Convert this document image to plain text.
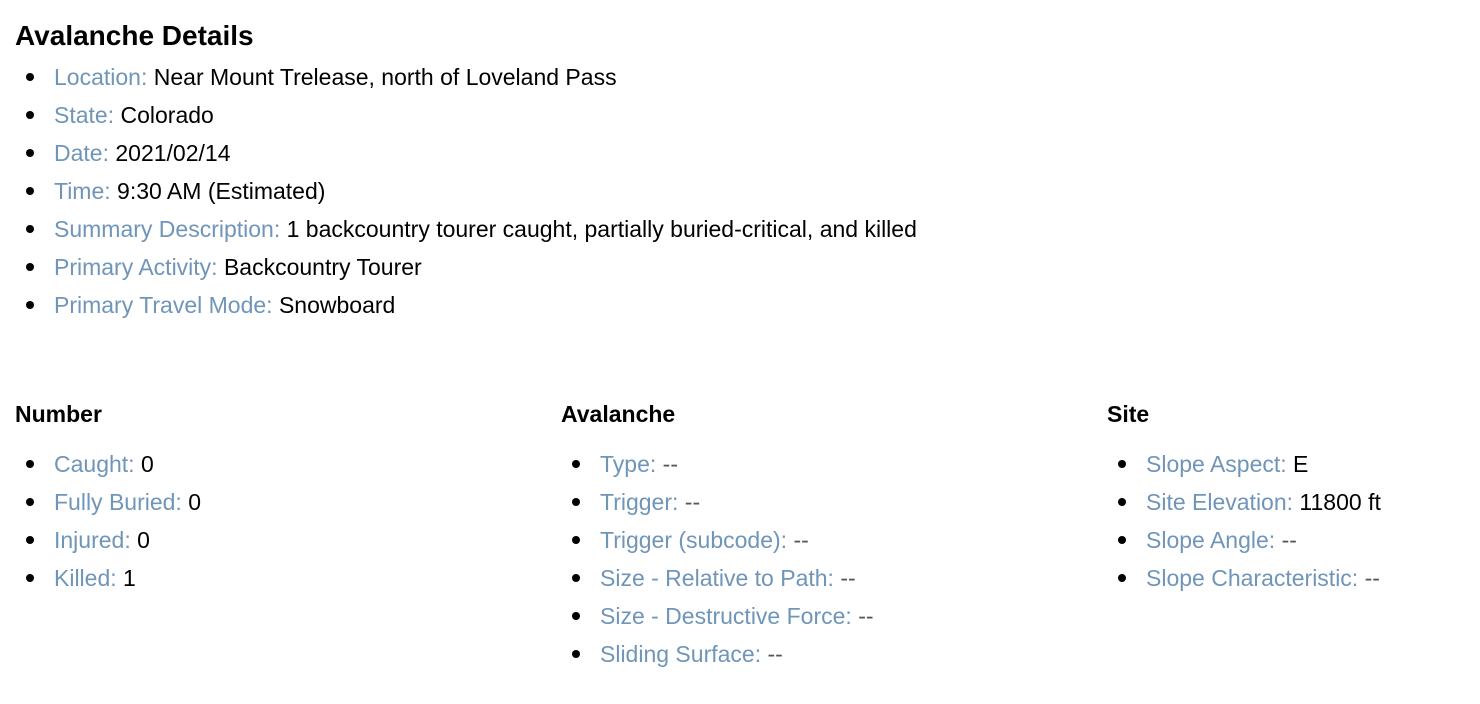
Avalanche Details
Location: Near Mount Trelease, north of Loveland Pass
State: Colorado
Date: 2021/02/14
Time: 9:30 AM (Estimated)
Summary Description: 1 backcountry tourer caught, partially buried-critical, and killed
Primary Activity: Backcountry Tourer
Primary Travel Mode: Snowboard
Number
Caught: 0
Fully Buried: 0
Injured: 0
Killed: 1
Avalanche
Type: --
Trigger: --
Trigger (subcode): --
Size - Relative to Path: --
Size - Destructive Force: --
Sliding Surface: --
Site
Slope Aspect: E
Site Elevation: 11800 ft
Slope Angle: --
Slope Characteristic: --
